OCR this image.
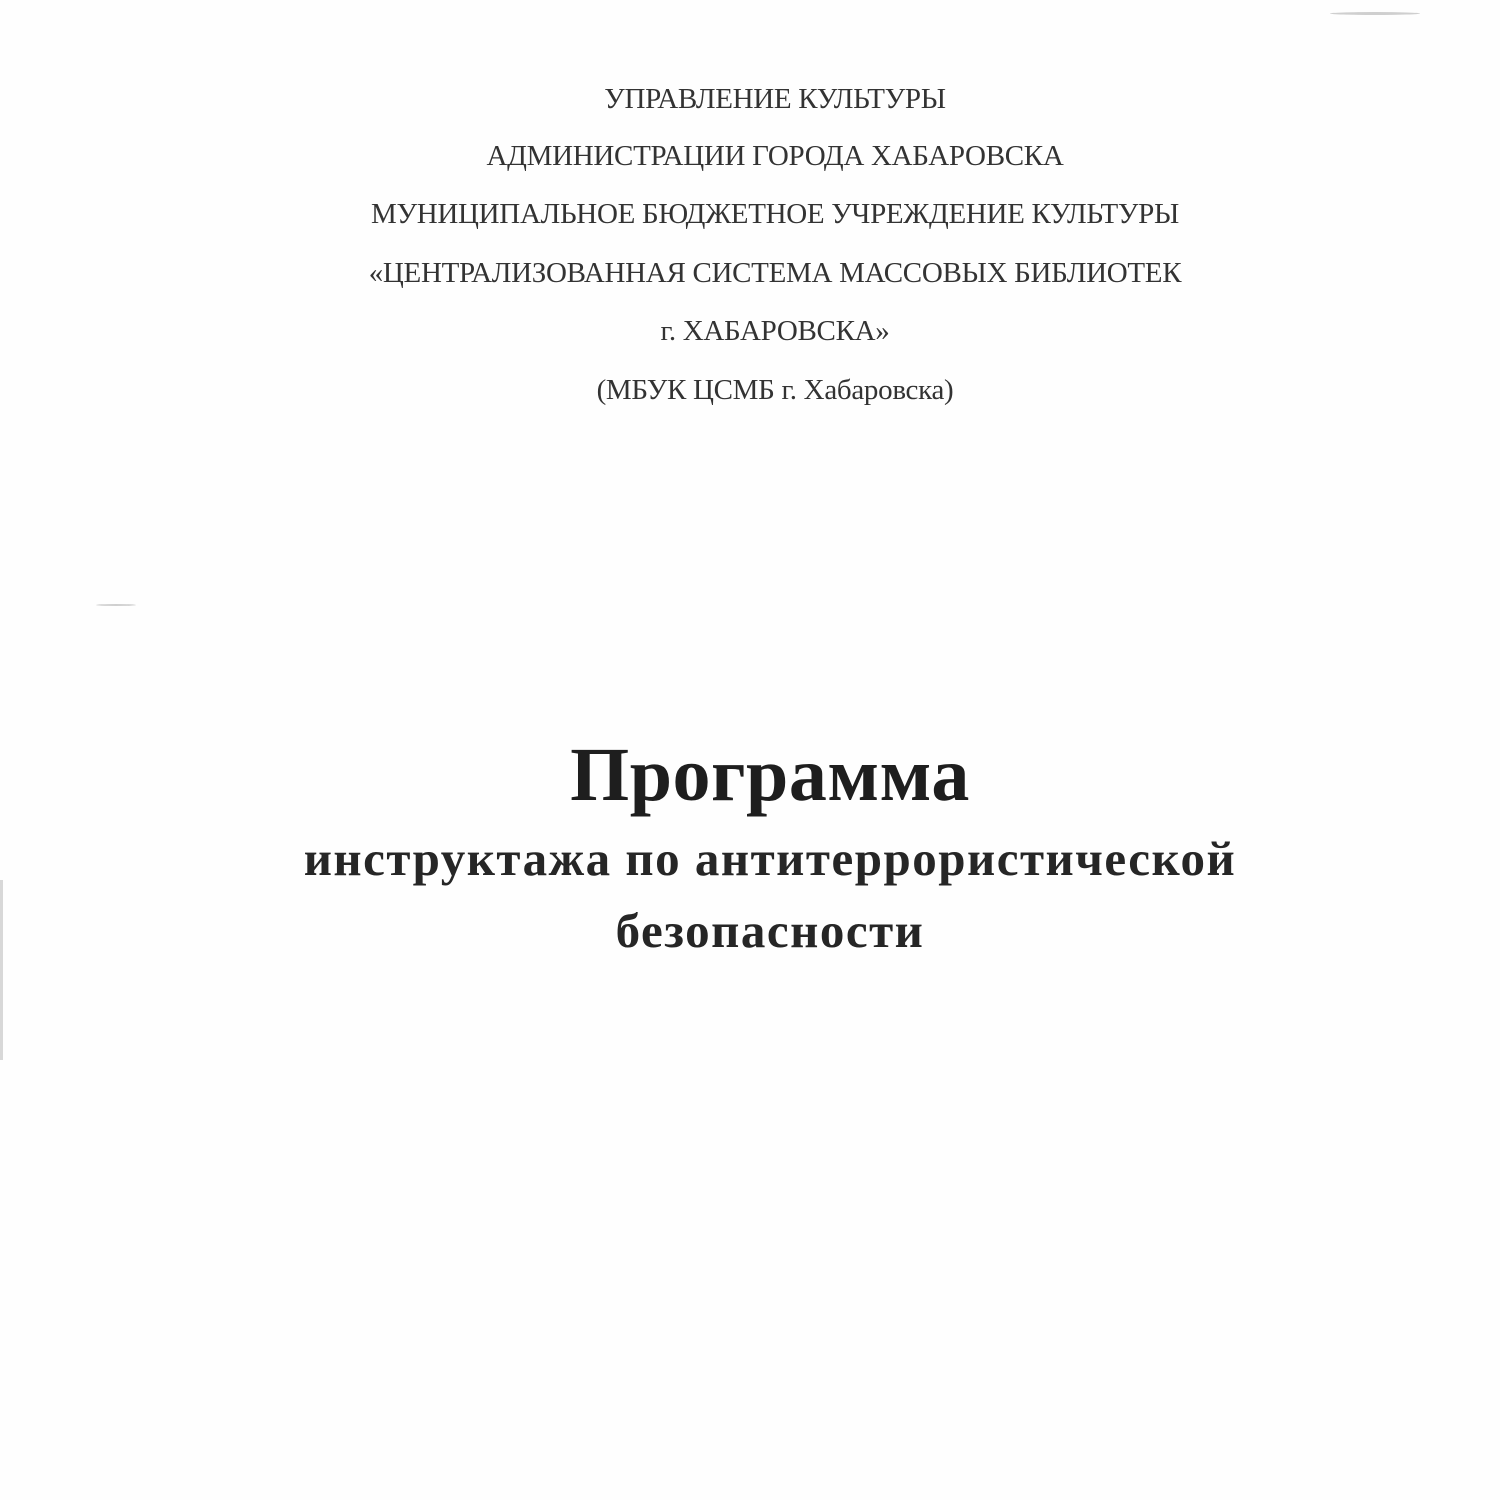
УПРАВЛЕНИЕ КУЛЬТУРЫ
АДМИНИСТРАЦИИ ГОРОДА ХАБАРОВСКА
МУНИЦИПАЛЬНОЕ БЮДЖЕТНОЕ УЧРЕЖДЕНИЕ КУЛЬТУРЫ
«ЦЕНТРАЛИЗОВАННАЯ СИСТЕМА МАССОВЫХ БИБЛИОТЕК
г. ХАБАРОВСКА»
(МБУК ЦСМБ г. Хабаровска)
Программа
инструктажа по антитеррористической
безопасности
